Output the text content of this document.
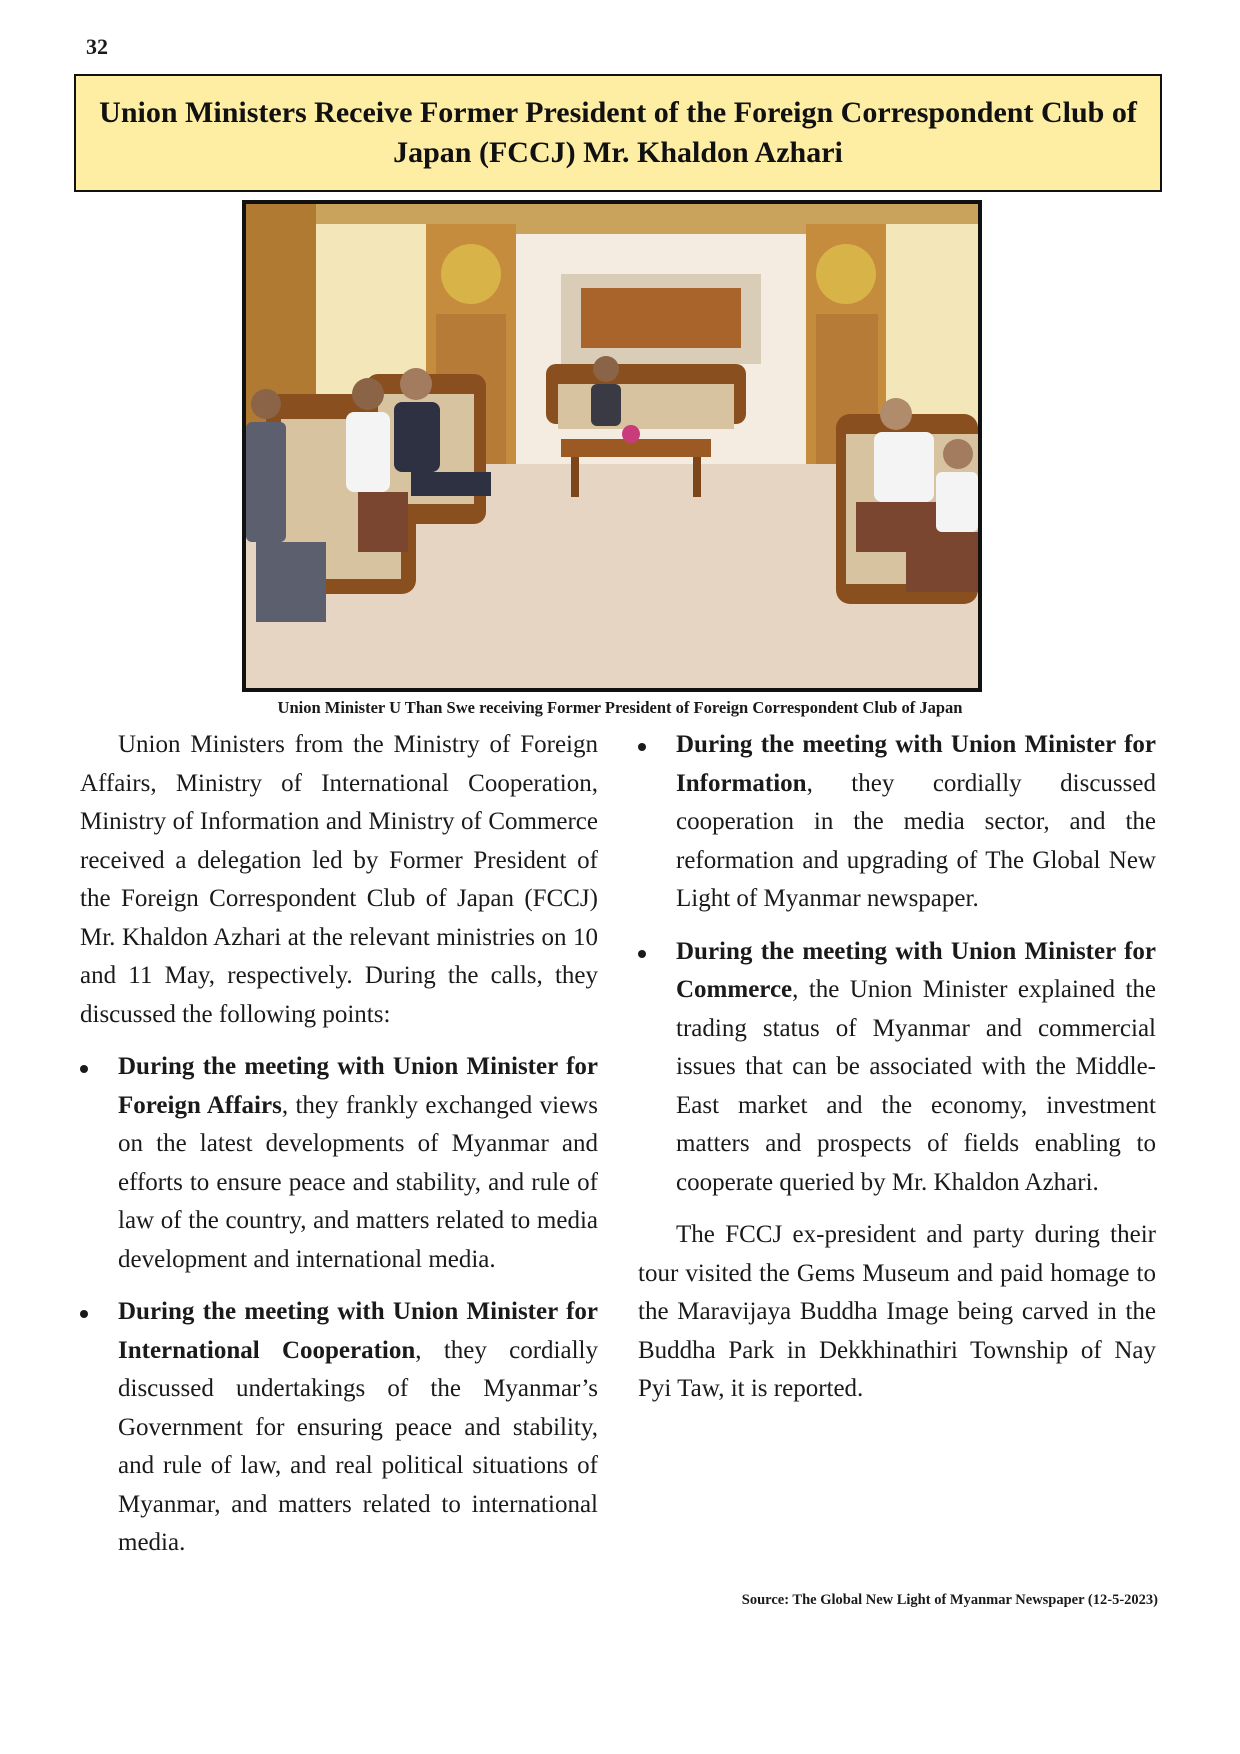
32
Union Ministers Receive Former President of the Foreign Correspondent Club of Japan (FCCJ) Mr. Khaldon Azhari
Union Minister U Than Swe receiving Former President of Foreign Correspondent Club of Japan

Union Ministers from the Ministry of Foreign Affairs, Ministry of International Cooperation, Ministry of Information and Ministry of Commerce received a delegation led by Former President of the Foreign Correspondent Club of Japan (FCCJ) Mr. Khaldon Azhari at the relevant ministries on 10 and 11 May, respectively. During the calls, they discussed the following points:

During the meeting with Union Minister for Foreign Affairs, they frankly exchanged views on the latest developments of Myanmar and efforts to ensure peace and stability, and rule of law of the country, and matters related to media development and international media.
During the meeting with Union Minister for International Cooperation, they cordially discussed undertakings of the Myanmar’s Government for ensuring peace and stability, and rule of law, and real political situations of Myanmar, and matters related to international media.
During the meeting with Union Minister for Information, they cordially discussed cooperation in the media sector, and the reformation and upgrading of The Global New Light of Myanmar newspaper.
During the meeting with Union Minister for Commerce, the Union Minister explained the trading status of Myanmar and commercial issues that can be associated with the Middle-East market and the economy, investment matters and prospects of fields enabling to cooperate queried by Mr. Khaldon Azhari.

The FCCJ ex-president and party during their tour visited the Gems Museum and paid homage to the Maravijaya Buddha Image being carved in the Buddha Park in Dekkhinathiri Township of Nay Pyi Taw, it is reported.

Source: The Global New Light of Myanmar Newspaper (12-5-2023)
